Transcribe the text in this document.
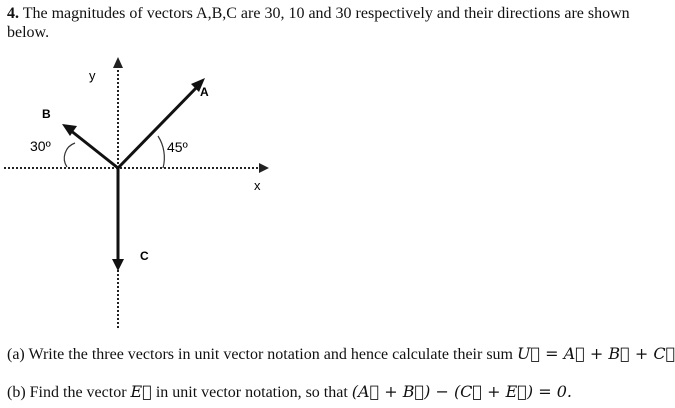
4. The magnitudes of vectors A,B,C are 30, 10 and 30 respectively and their directions are shown below.
y
x
A
B
C
30º	45º
(a) Write the three vectors in unit vector notation and hence calculate their sum U⃗ = A⃗ + B⃗ + C⃗
(b) Find the vector E⃗ in unit vector notation, so that (A⃗ + B⃗) − (C⃗ + E⃗) = 0.
